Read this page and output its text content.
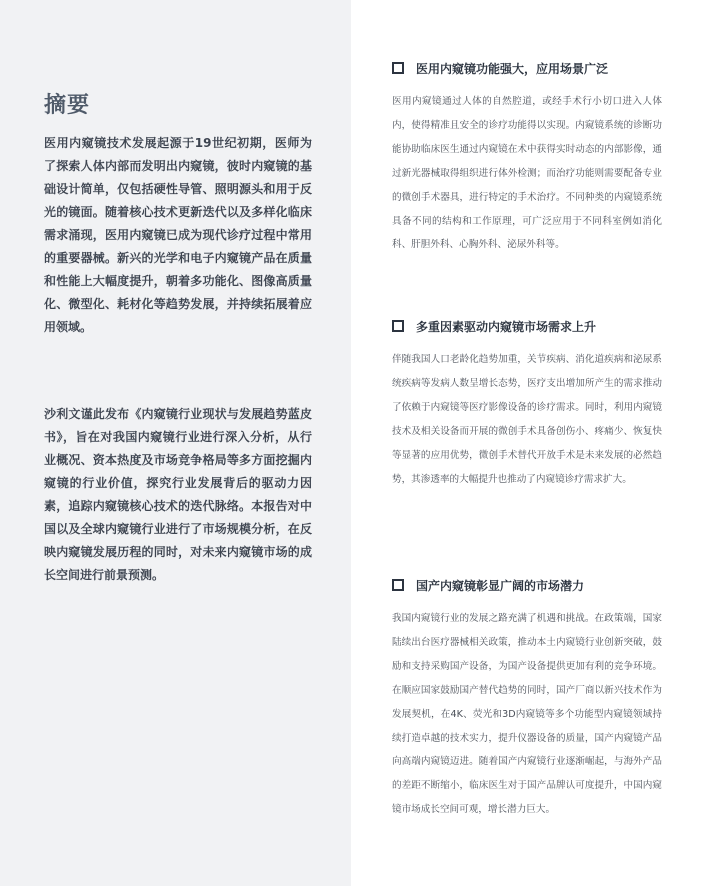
摘要

医用内窥镜技术发展起源于19世纪初期，医师为了探索人体内部而发明出内窥镜，彼时内窥镜的基础设计简单，仅包括硬性导管、照明源头和用于反光的镜面。随着核心技术更新迭代以及多样化临床需求涌现，医用内窥镜已成为现代诊疗过程中常用的重要器械。新兴的光学和电子内窥镜产品在质量和性能上大幅度提升，朝着多功能化、图像高质量化、微型化、耗材化等趋势发展，并持续拓展着应用领域。

沙利文谨此发布《内窥镜行业现状与发展趋势蓝皮书》，旨在对我国内窥镜行业进行深入分析，从行业概况、资本热度及市场竞争格局等多方面挖掘内窥镜的行业价值，探究行业发展背后的驱动力因素，追踪内窥镜核心技术的迭代脉络。本报告对中国以及全球内窥镜行业进行了市场规模分析，在反映内窥镜发展历程的同时，对未来内窥镜市场的成长空间进行前景预测。

医用内窥镜功能强大，应用场景广泛

医用内窥镜通过人体的自然腔道，或经手术行小切口进入人体内，使得精准且安全的诊疗功能得以实现。内窥镜系统的诊断功能协助临床医生通过内窥镜在术中获得实时动态的内部影像，通过新光器械取得组织进行体外检测；而治疗功能则需要配备专业的微创手术器具，进行特定的手术治疗。不同种类的内窥镜系统具备不同的结构和工作原理，可广泛应用于不同科室例如消化科、肝胆外科、心胸外科、泌尿外科等。

多重因素驱动内窥镜市场需求上升

伴随我国人口老龄化趋势加重，关节疾病、消化道疾病和泌尿系统疾病等发病人数呈增长态势，医疗支出增加所产生的需求推动了依赖于内窥镜等医疗影像设备的诊疗需求。同时，利用内窥镜技术及相关设备而开展的微创手术具备创伤小、疼痛少、恢复快等显著的应用优势，微创手术替代开放手术是未来发展的必然趋势，其渗透率的大幅提升也推动了内窥镜诊疗需求扩大。

国产内窥镜彰显广阔的市场潜力

我国内窥镜行业的发展之路充满了机遇和挑战。在政策端，国家陆续出台医疗器械相关政策，推动本土内窥镜行业创新突破，鼓励和支持采购国产设备，为国产设备提供更加有利的竞争环境。在顺应国家鼓励国产替代趋势的同时，国产厂商以新兴技术作为发展契机，在4K、荧光和3D内窥镜等多个功能型内窥镜领域持续打造卓越的技术实力，提升仪器设备的质量，国产内窥镜产品向高端内窥镜迈进。随着国产内窥镜行业逐渐崛起，与海外产品的差距不断缩小，临床医生对于国产品牌认可度提升，中国内窥镜市场成长空间可观，增长潜力巨大。
